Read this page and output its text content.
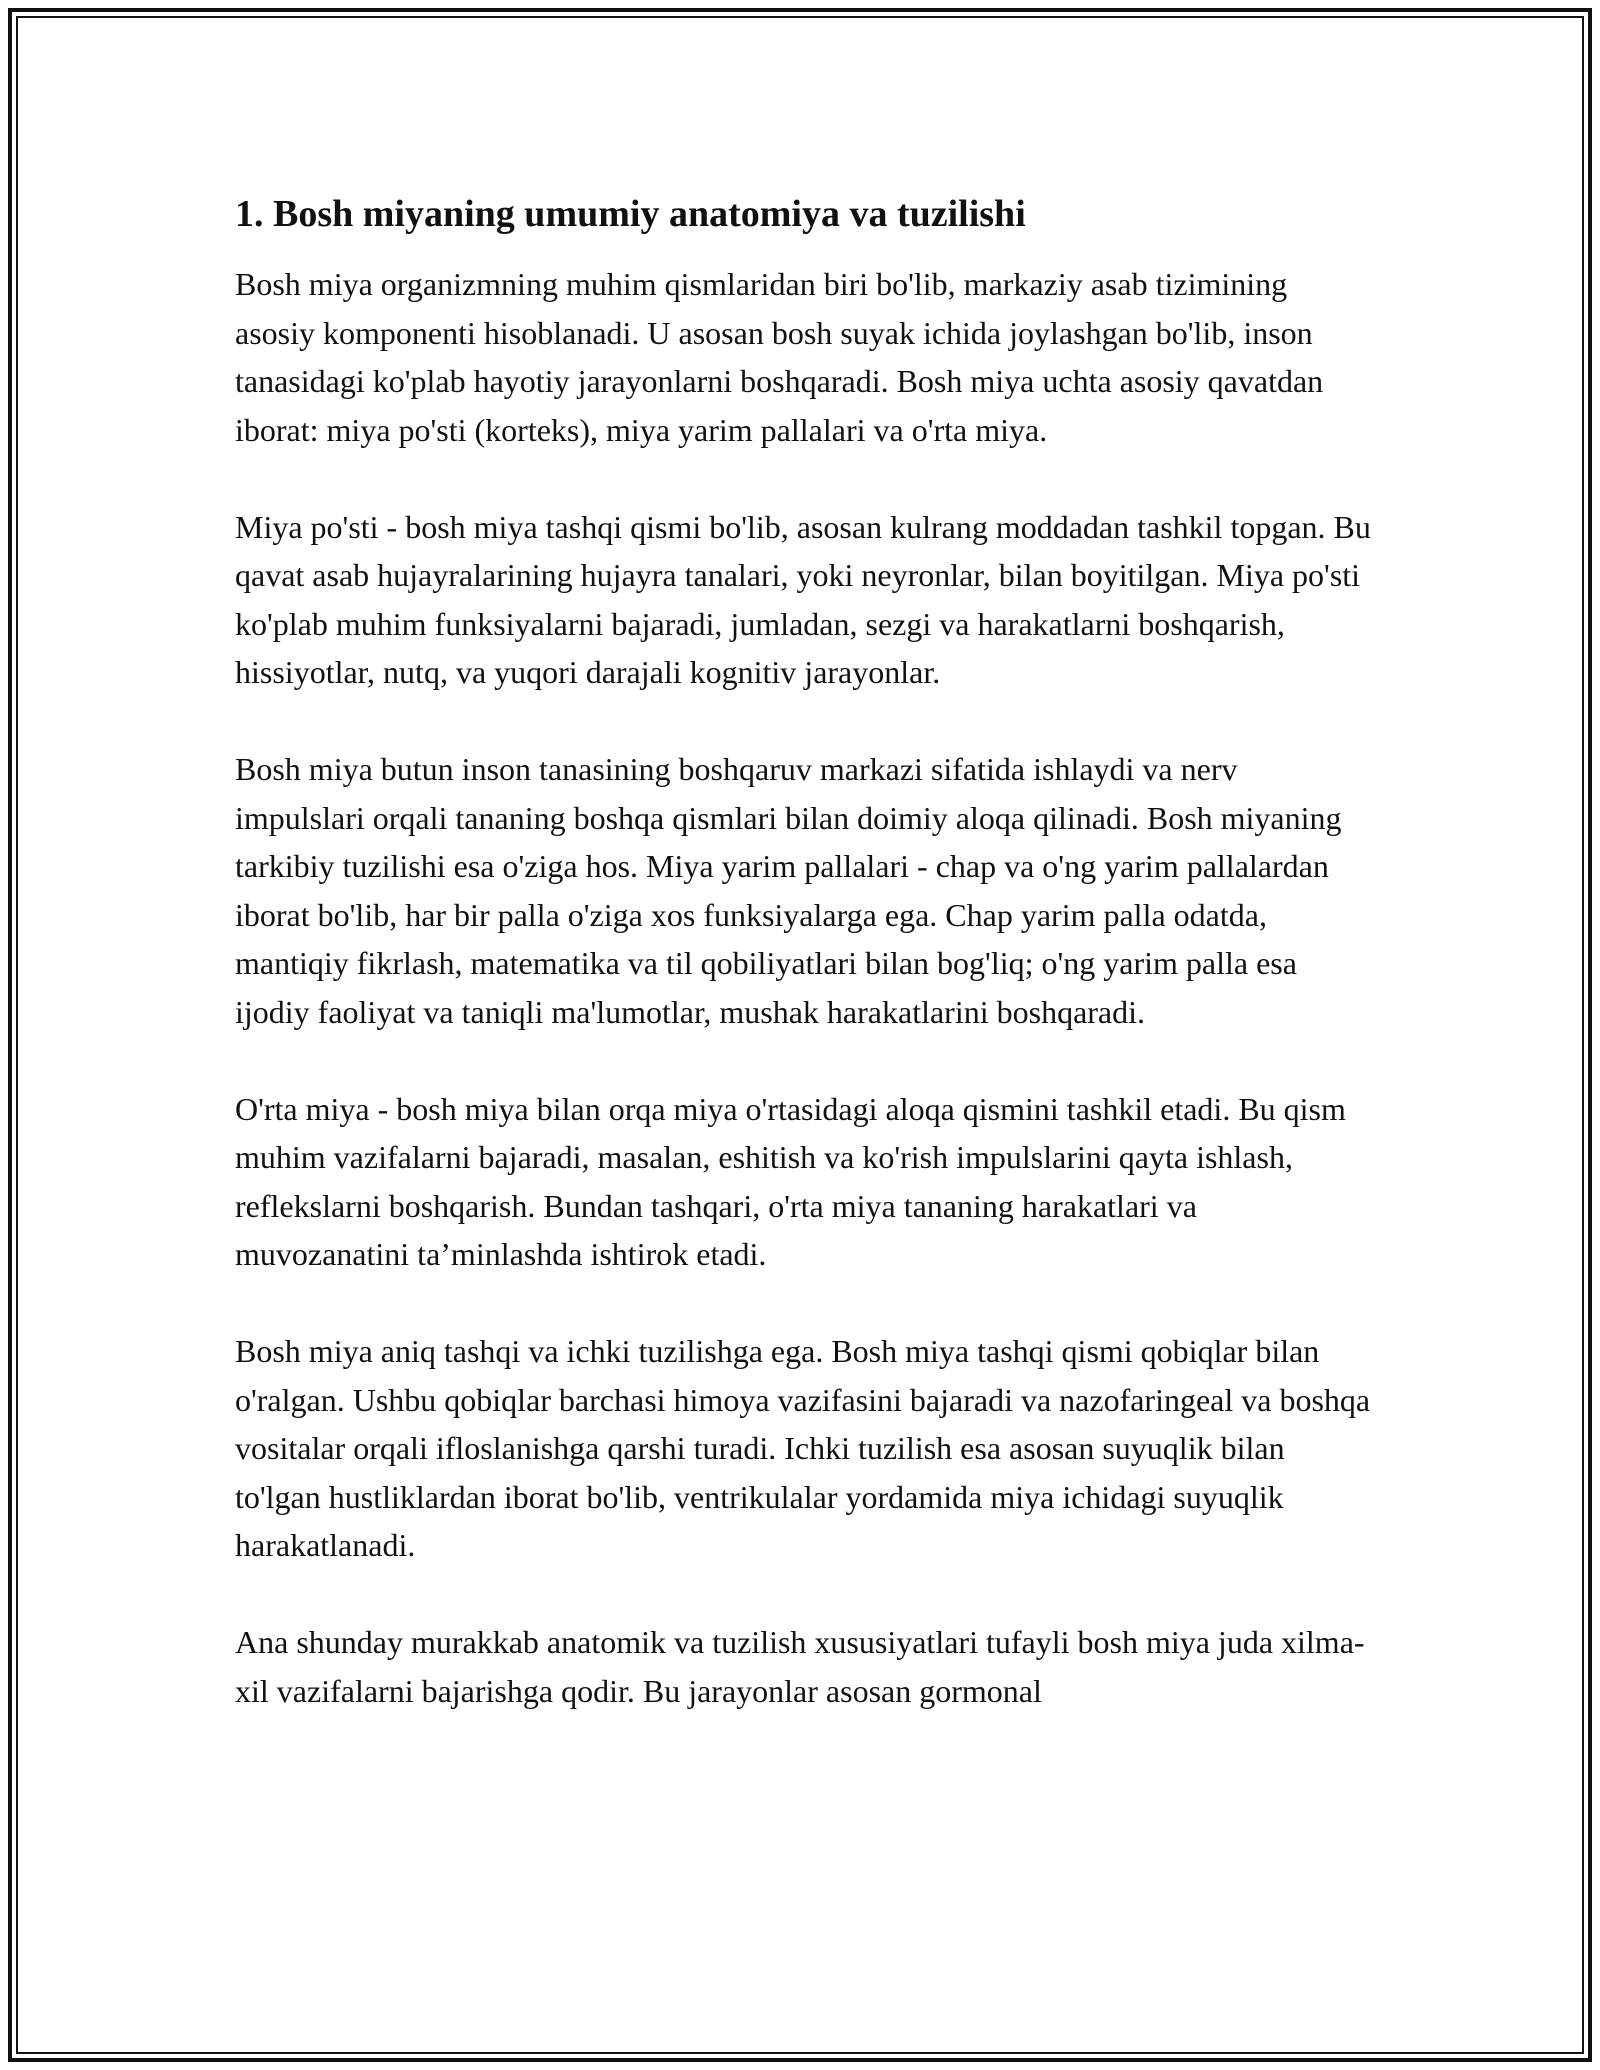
1. Bosh miyaning umumiy anatomiya va tuzilishi

Bosh miya organizmning muhim qismlaridan biri bo'lib, markaziy asab tizimining asosiy komponenti hisoblanadi. U asosan bosh suyak ichida joylashgan bo'lib, inson tanasidagi ko'plab hayotiy jarayonlarni boshqaradi. Bosh miya uchta asosiy qavatdan iborat: miya po'sti (korteks), miya yarim pallalari va o'rta miya.

Miya po'sti - bosh miya tashqi qismi bo'lib, asosan kulrang moddadan tashkil topgan. Bu qavat asab hujayralarining hujayra tanalari, yoki neyronlar, bilan boyitilgan. Miya po'sti ko'plab muhim funksiyalarni bajaradi, jumladan, sezgi va harakatlarni boshqarish, hissiyotlar, nutq, va yuqori darajali kognitiv jarayonlar.

Bosh miya butun inson tanasining boshqaruv markazi sifatida ishlaydi va nerv impulslari orqali tananing boshqa qismlari bilan doimiy aloqa qilinadi. Bosh miyaning tarkibiy tuzilishi esa o'ziga hos. Miya yarim pallalari - chap va o'ng yarim pallalardan iborat bo'lib, har bir palla o'ziga xos funksiyalarga ega. Chap yarim palla odatda, mantiqiy fikrlash, matematika va til qobiliyatlari bilan bog'liq; o'ng yarim palla esa ijodiy faoliyat va taniqli ma'lumotlar, mushak harakatlarini boshqaradi.

O'rta miya - bosh miya bilan orqa miya o'rtasidagi aloqa qismini tashkil etadi. Bu qism muhim vazifalarni bajaradi, masalan, eshitish va ko'rish impulslarini qayta ishlash, reflekslarni boshqarish. Bundan tashqari, o'rta miya tananing harakatlari va muvozanatini ta’minlashda ishtirok etadi.

Bosh miya aniq tashqi va ichki tuzilishga ega. Bosh miya tashqi qismi qobiqlar bilan o'ralgan. Ushbu qobiqlar barchasi himoya vazifasini bajaradi va nazofaringeal va boshqa vositalar orqali ifloslanishga qarshi turadi. Ichki tuzilish esa asosan suyuqlik bilan to'lgan hustliklardan iborat bo'lib, ventrikulalar yordamida miya ichidagi suyuqlik harakatlanadi.

Ana shunday murakkab anatomik va tuzilish xususiyatlari tufayli bosh miya juda xilma-xil vazifalarni bajarishga qodir. Bu jarayonlar asosan gormonal
